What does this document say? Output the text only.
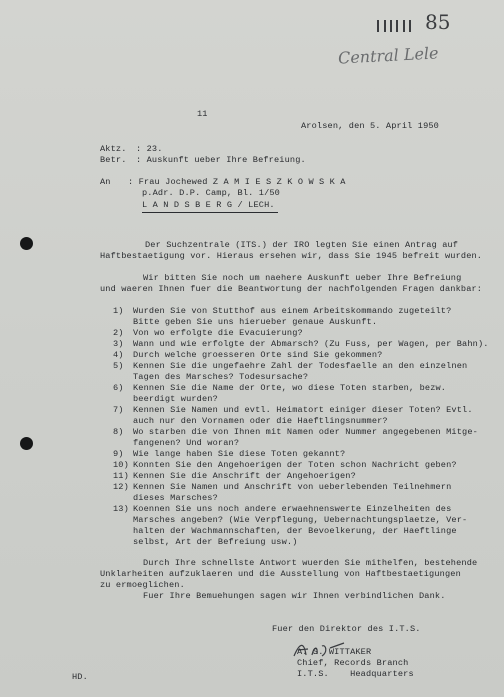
85
Central Lele
11
Arolsen, den 5. April 1950
Aktz. : 23.
Betr. : Auskunft ueber Ihre Befreiung.
An : Frau Jochewed Z A M I E S Z K O W S K A
p.Adr. D.P. Camp, Bl. 1/50
L A N D S B E R G / LECH.
Der Suchzentrale (ITS.) der IRO legten Sie einen Antrag auf
Haftbestaetigung vor. Hieraus ersehen wir, dass Sie 1945 befreit wurden.
Wir bitten Sie noch um naehere Auskunft ueber Ihre Befreiung
und waeren Ihnen fuer die Beantwortung der nachfolgenden Fragen dankbar:
1) Wurden Sie von Stutthof aus einem Arbeitskommando zugeteilt?
Bitte geben Sie uns hierueber genaue Auskunft.
2) Von wo erfolgte die Evacuierung?
3) Wann und wie erfolgte der Abmarsch? (Zu Fuss, per Wagen, per Bahn).
4) Durch welche groesseren Orte sind Sie gekommen?
5) Kennen Sie die ungefaehre Zahl der Todesfaelle an den einzelnen
Tagen des Marsches? Todesursache?
6) Kennen Sie die Name der Orte, wo diese Toten starben, bezw.
beerdigt wurden?
7) Kennen Sie Namen und evtl. Heimatort einiger dieser Toten? Evtl.
auch nur den Vornamen oder die Haeftlingsnummer?
8) Wo starben die von Ihnen mit Namen oder Nummer angegebenen Mitge-
fangenen? Und woran?
9) Wie lange haben Sie diese Toten gekannt?
10) Konnten Sie den Angehoerigen der Toten schon Nachricht geben?
11) Kennen Sie die Anschrift der Angehoerigen?
12) Kennen Sie Namen und Anschrift von ueberlebenden Teilnehmern
dieses Marsches?
13) Koennen Sie uns noch andere erwaehnenswerte Einzelheiten des
Marsches angeben? (Wie Verpflegung, Uebernachtungsplaetze, Ver-
halten der Wachmannschaften, der Bevoelkerung, der Haeftlinge
selbst, Art der Befreiung usw.)
Durch Ihre schnellste Antwort wuerden Sie mithelfen, bestehende
Unklarheiten aufzuklaeren und die Ausstellung von Haftbestaetigungen
zu ermoeglichen.
Fuer Ihre Bemuehungen sagen wir Ihnen verbindlichen Dank.
Fuer den Direktor des I.T.S.
A. S. WITTAKER
Chief, Records Branch
I.T.S.    Headquarters
HD.
